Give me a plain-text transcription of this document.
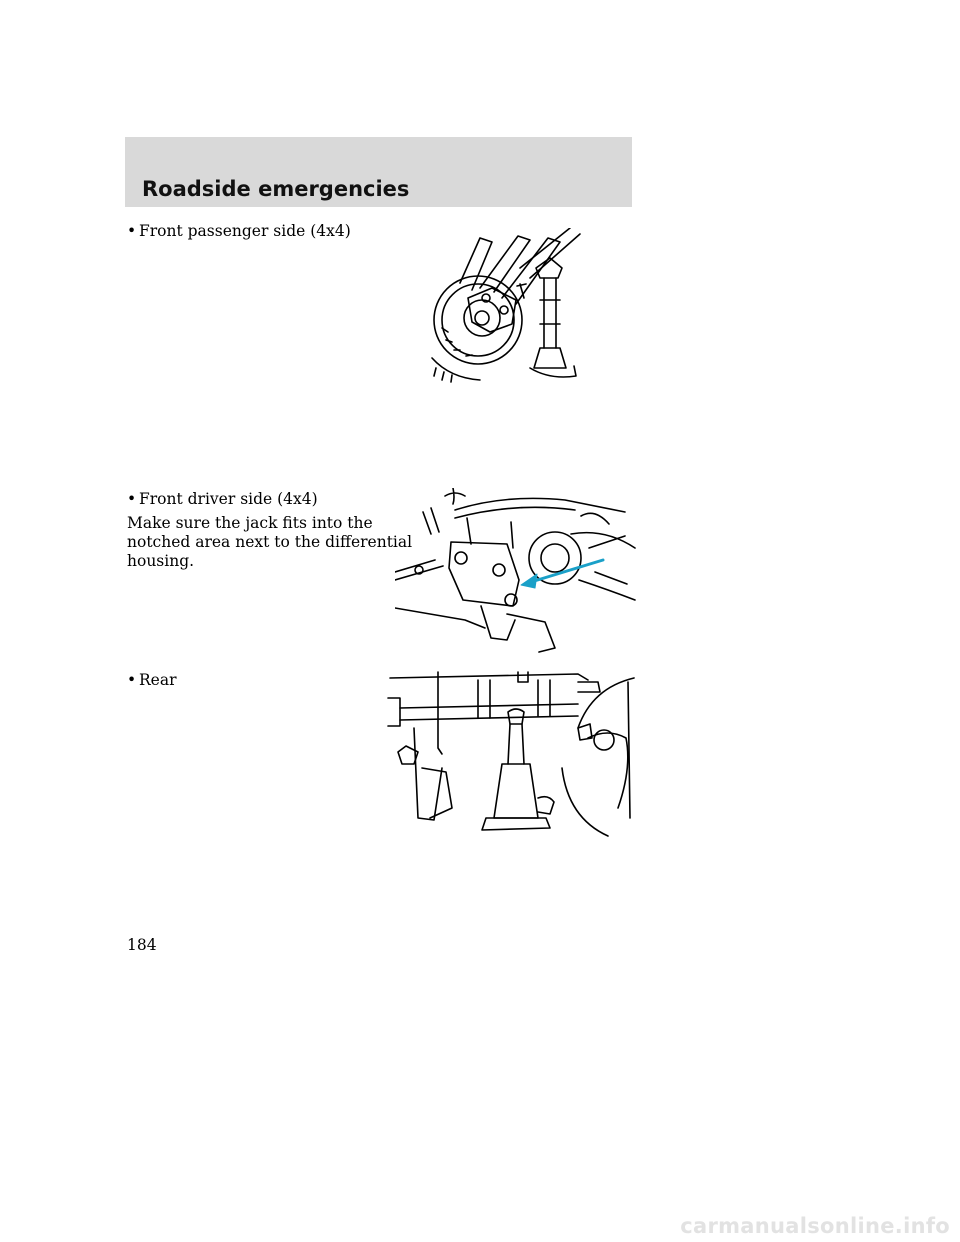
Roadside emergencies
• Front passenger side (4x4)
• Front driver side (4x4)
Make sure the jack fits into the
notched area next to the differential
housing.
• Rear
184
carmanualsonline.info
